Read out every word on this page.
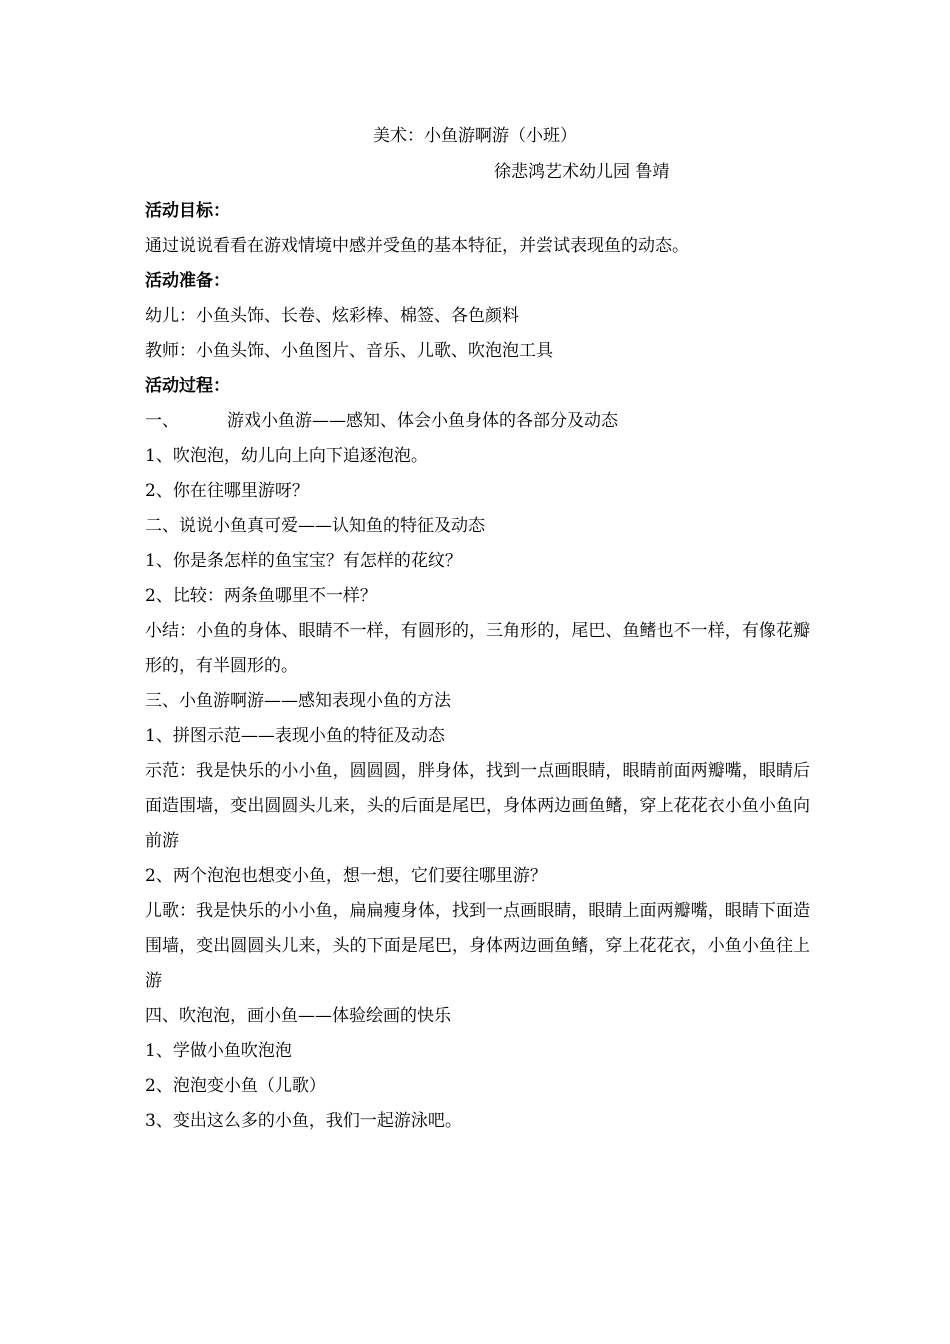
美术：小鱼游啊游（小班）
徐悲鸿艺术幼儿园 鲁靖

活动目标：

通过说说看看在游戏情境中感并受鱼的基本特征，并尝试表现鱼的动态。

活动准备：

幼儿：小鱼头饰、长卷、炫彩棒、棉签、各色颜料

教师：小鱼头饰、小鱼图片、音乐、儿歌、吹泡泡工具

活动过程：

一、	游戏小鱼游——感知、体会小鱼身体的各部分及动态

1、吹泡泡，幼儿向上向下追逐泡泡。

2、你在往哪里游呀？

二、说说小鱼真可爱——认知鱼的特征及动态

1、你是条怎样的鱼宝宝？有怎样的花纹？

2、比较：两条鱼哪里不一样？

小结：小鱼的身体、眼睛不一样，有圆形的，三角形的，尾巴、鱼鳍也不一样，有像花瓣形的，有半圆形的。

三、小鱼游啊游——感知表现小鱼的方法

1、拼图示范——表现小鱼的特征及动态

示范：我是快乐的小小鱼，圆圆圆，胖身体，找到一点画眼睛，眼睛前面两瓣嘴，眼睛后面造围墙，变出圆圆头儿来，头的后面是尾巴，身体两边画鱼鳍，穿上花花衣小鱼小鱼向前游

2、两个泡泡也想变小鱼，想一想，它们要往哪里游？

儿歌：我是快乐的小小鱼，扁扁瘦身体，找到一点画眼睛，眼睛上面两瓣嘴，眼睛下面造围墙，变出圆圆头儿来，头的下面是尾巴，身体两边画鱼鳍，穿上花花衣，小鱼小鱼往上游

四、吹泡泡，画小鱼——体验绘画的快乐

1、学做小鱼吹泡泡

2、泡泡变小鱼（儿歌）

3、变出这么多的小鱼，我们一起游泳吧。
